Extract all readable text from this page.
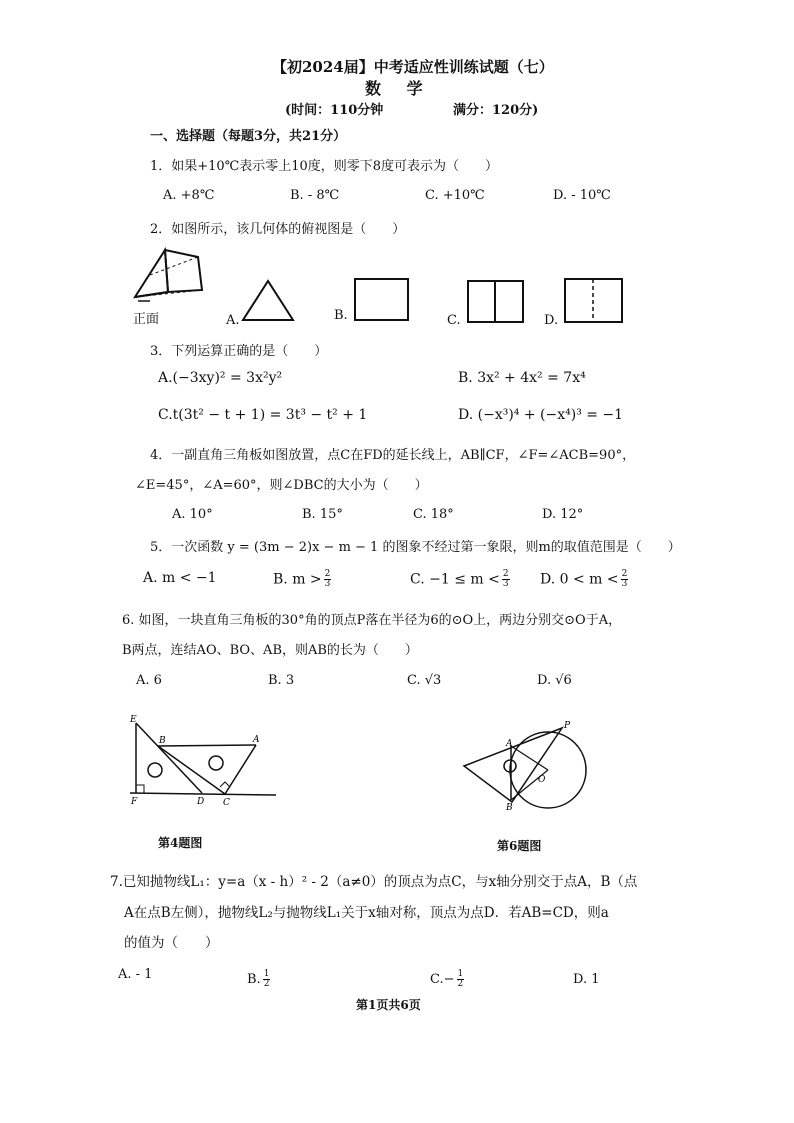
【初2024届】中考适应性训练试题（七）
数 学
(时间：110分钟	满分：120分)
一、选择题（每题3分，共21分）
1．如果+10℃表示零上10度，则零下8度可表示为（　　）
A. +8℃	B. - 8℃	C. +10℃	D. - 10℃
2．如图所示，该几何体的俯视图是（　　）
正面	A.	B.	C.	D.
3．下列运算正确的是（　　）
A.(−3xy)² = 3x²y²	B. 3x² + 4x² = 7x⁴
C.t(3t² − t + 1) = 3t³ − t² + 1	D. (−x³)⁴ + (−x⁴)³ = −1
4．一副直角三角板如图放置，点C在FD的延长线上，AB∥CF，∠F=∠ACB=90°，
∠E=45°，∠A=60°，则∠DBC的大小为（　　）
A. 10°	B. 15°	C. 18°	D. 12°
5．一次函数 y = (3m − 2)x − m − 1 的图象不经过第一象限，则m的取值范围是（　　）
A. m < −1	B. $m > \frac{2}{3}$	C. $-1 \le m < \frac{2}{3} D$. $0 < m < \frac{2}{3}$
6. 如图，一块直角三角板的30°角的顶点P落在半径为6的⊙O上，两边分别交⊙O于A，
B两点，连结AO、BO、AB，则AB的长为（　　）
A. 6	B. 3	C. √3	D. √6
E
B	A
F	D C
P
A
B
O
第4题图	第6题图
7.已知抛物线L₁：y=a（x - h）² - 2（a≠0）的顶点为点C，与x轴分别交于点A，B（点
A在点B左侧），抛物线L₂与抛物线L₁关于x轴对称，顶点为点D．若AB=CD，则a
的值为（　　）
A. - 1	B. $\frac{1}{2}$	$C.- \frac{1}{2}$	D. 1
第1页共6页
